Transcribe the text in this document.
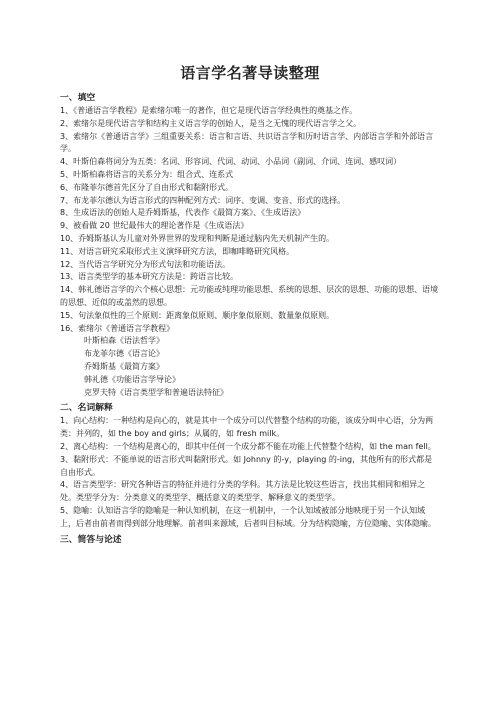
语言学名著导读整理
一、填空

1、《普通语言学教程》是索绪尔唯一的著作，但它是现代语言学经典性的奠基之作。

2、索绪尔是现代语言学和结构主义语言学的创始人，是当之无愧的现代语言学之父。

3、索绪尔《普通语言学》三组重要关系：语言和言语、共识语言学和历时语言学、内部语言学和外部语言学。

4、叶斯伯森将词分为五类：名词、形容词、代词、动词、小品词（副词、介词、连词、感叹词）

5、叶斯柏森将语言的关系分为：组合式、连系式

6、布隆菲尔德首先区分了自由形式和黏附形式。

7、布龙菲尔德认为语言形式的四种配列方式：词序、变调、变音、形式的选择。

8、生成语法的创始人是乔姆斯基，代表作《最简方案》、《生成语法》

9、被看做 20 世纪最伟大的理论著作是《生成语法》

10、乔姆斯基认为儿童对外界世界的发现和判断是通过脑内先天机制产生的。

11、对语言研究采取形式主义演绎研究方法，即咖啡略研究风格。

12、当代语言学研究分为形式句法和功能语法。

13、语言类型学的基本研究方法是：跨语言比较。

14、韩礼德语言学的六个核心思想：元功能或纯理功能思想、系统的思想、层次的思想、功能的思想、语境的思想、近似的或盖然的思想。

15、句法象似性的三个原则：距离象似原则、顺序象似原则、数量象似原则。

16、索绪尔《普通语言学教程》

叶斯柏森《语法哲学》

布龙菲尔德《语言论》

乔姆斯基《最简方案》

韩礼德《功能语言学导论》

克罗夫特《语言类型学和普遍语法特征》

二、名词解释

1、向心结构：一种结构是向心的，就是其中一个成分可以代替整个结构的功能，该成分叫中心语，分为两类：并列的，如 the boy and girls；从属的，如 fresh milk。

2、离心结构：一个结构是离心的，即其中任何一个成分都不能在功能上代替整个结构，如 the man fell。

3、黏附形式：不能单说的语言形式叫黏附形式。如 Johnny 的-y，playing 的-ing，其他所有的形式都是自由形式。

4、语言类型学：研究各种语言的特征并进行分类的学科。其方法是比较这些语言，找出其相同和相异之处。类型学分为：分类意义的类型学、概括意义的类型学、解释意义的类型学。

5、隐喻：认知语言学的隐喻是一种认知机制，在这一机制中，一个认知域被部分地映现于另一个认知域上，后者由前者而得到部分地理解。前者叫来源域，后者叫目标域。分为结构隐喻，方位隐喻、实体隐喻。

三、简答与论述
